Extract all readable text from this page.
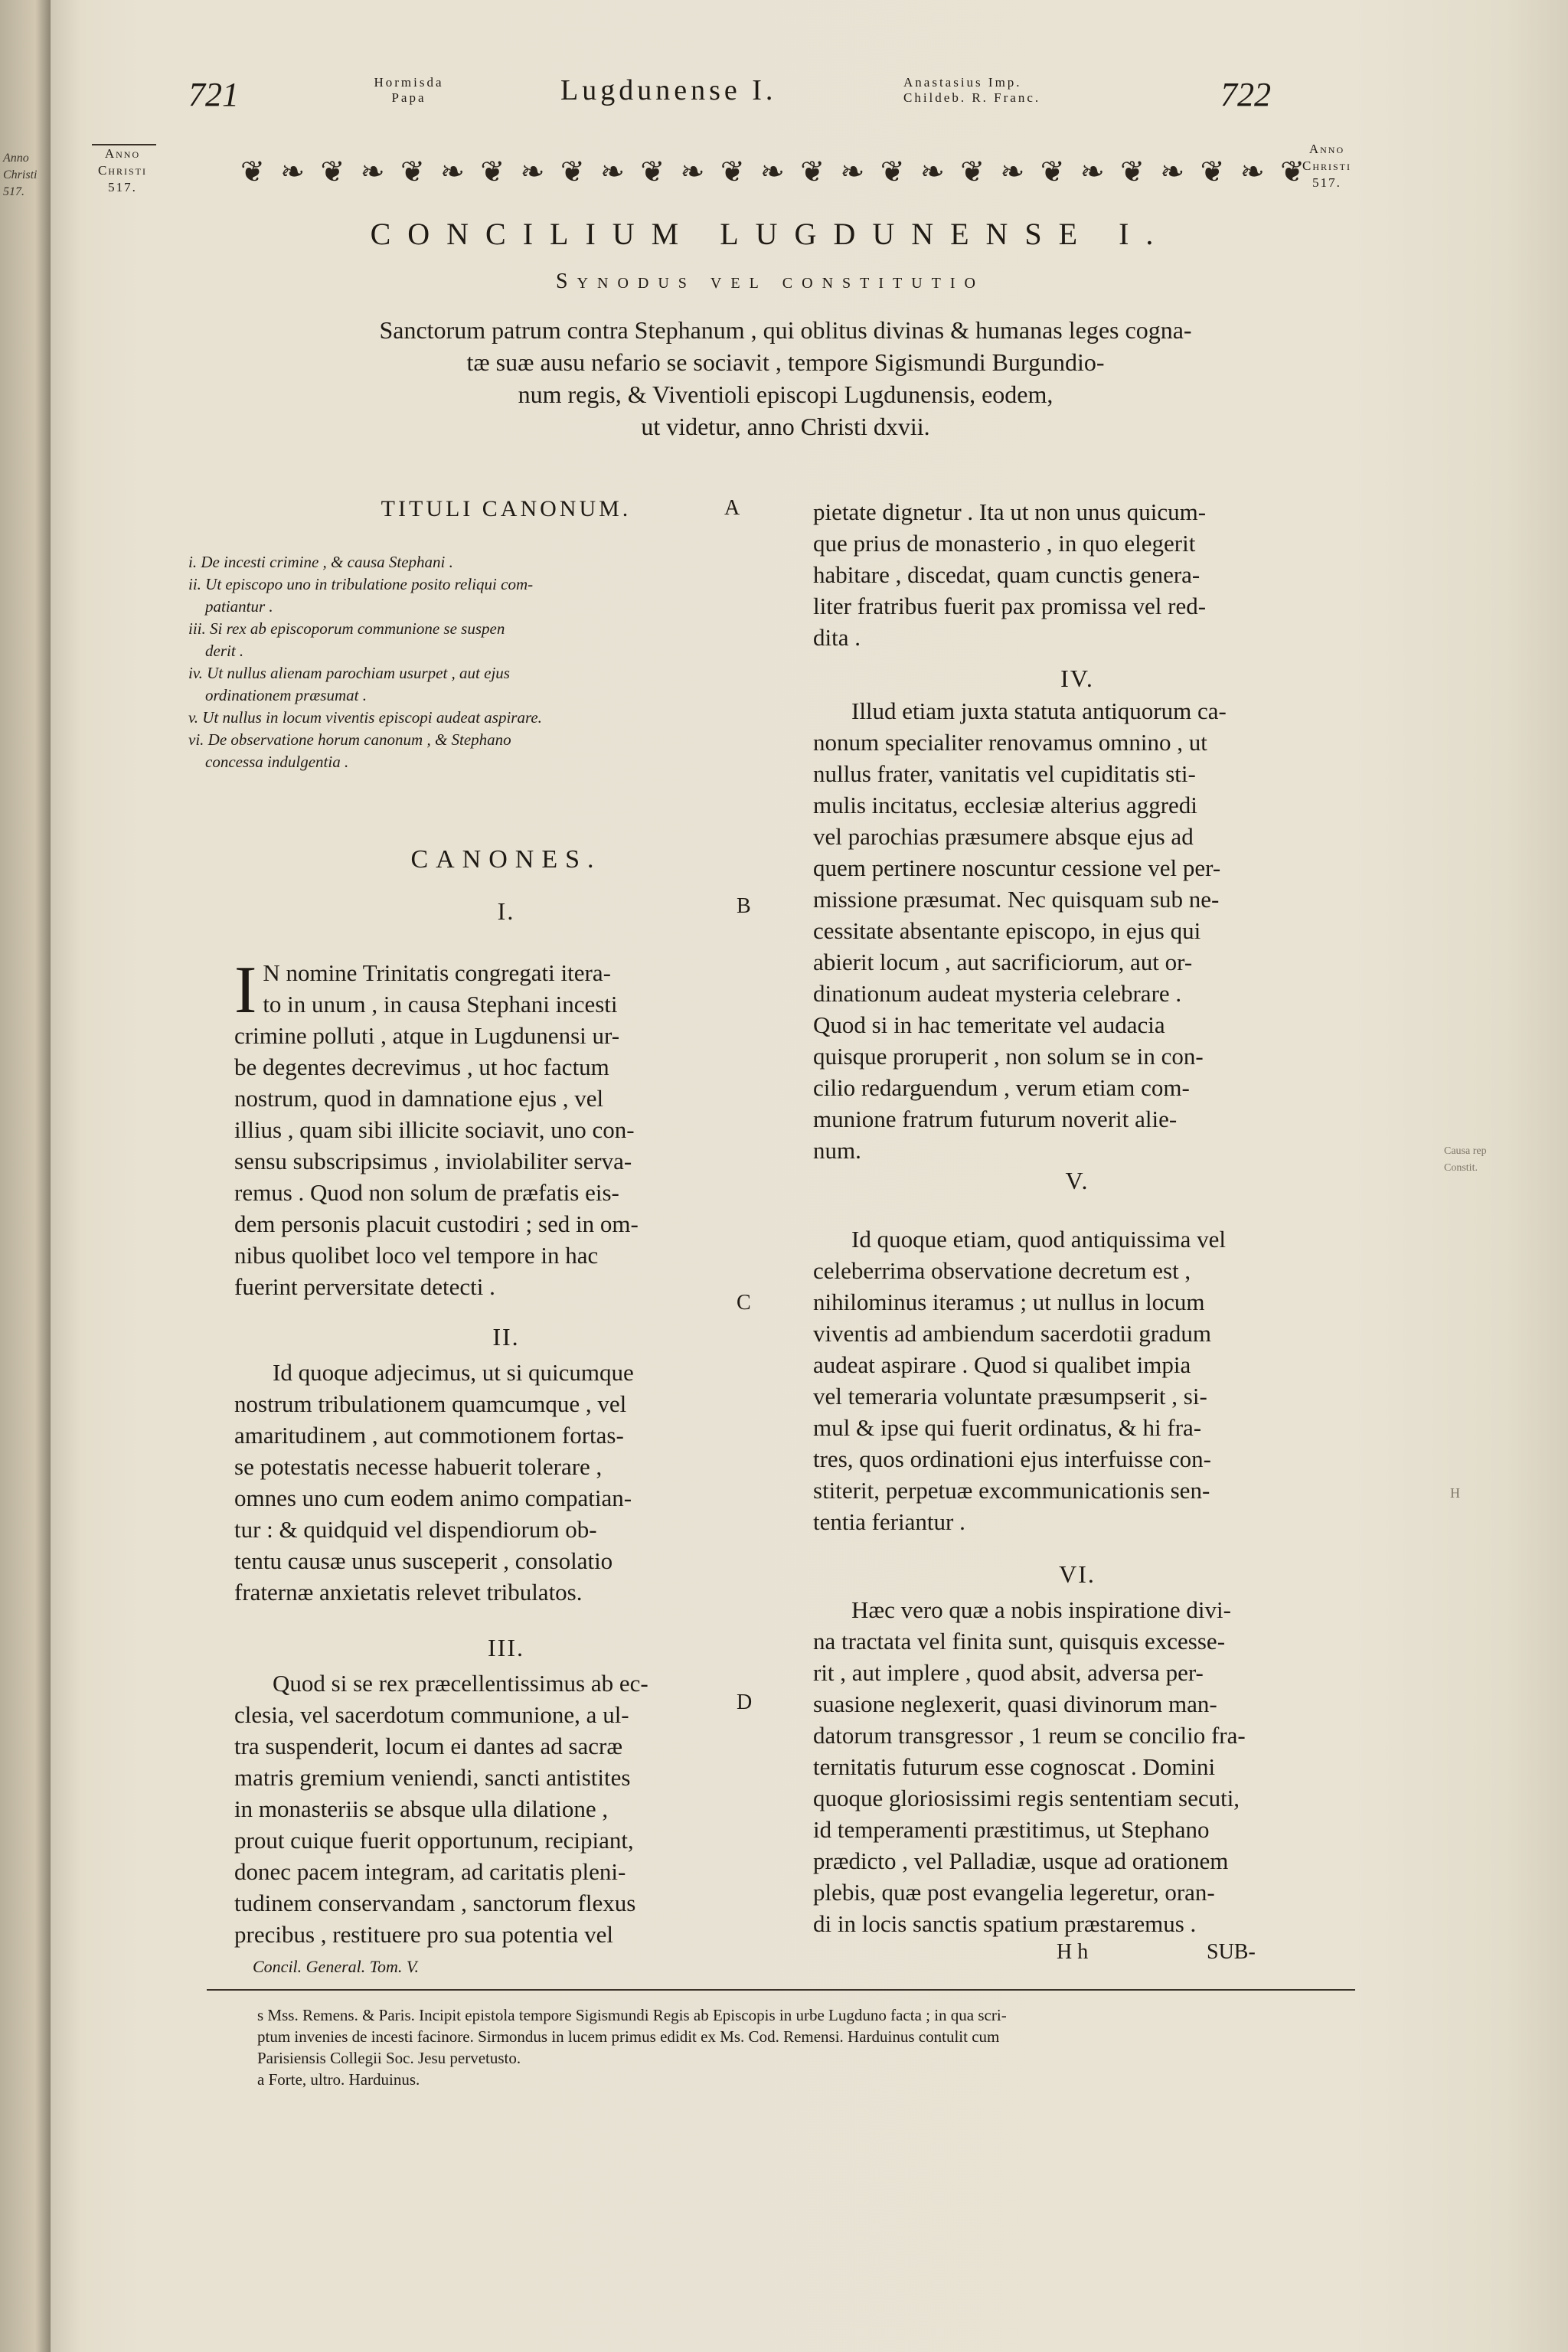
Anno
Christi
517.
721	Hormisda
Papa	Lugdunense I.	Anastasius Imp.
Childeb. R. Franc.	722
Anno
Christi
517.
Anno
Christi
517.
❦ ❧ ❦ ❧ ❦ ❧ ❦ ❧ ❦ ❧ ❦ ❧ ❦ ❧ ❦ ❧ ❦ ❧ ❦ ❧ ❦ ❧ ❦ ❧ ❦ ❧ ❦
CONCILIUM LUGDUNENSE I.
Synodus vel constitutio
Sanctorum patrum contra Stephanum , qui oblitus divinas & humanas leges cogna-
tæ suæ ausu nefario se sociavit , tempore Sigismundi Burgundio-
num regis, & Viventioli episcopi Lugdunensis, eodem,
ut videtur, anno Christi dxvii.
TITULI CANONUM.
i. De incesti crimine , & causa Stephani .
ii. Ut episcopo uno in tribulatione posito reliqui com-
patiantur .
iii. Si rex ab episcoporum communione se suspen
derit .
iv. Ut nullus alienam parochiam usurpet , aut ejus
ordinationem præsumat .
v. Ut nullus in locum viventis episcopi audeat aspirare.
vi. De observatione horum canonum , & Stephano
concessa indulgentia .
CANONES.
I.
I N nomine Trinitatis congregati itera-
to in unum , in causa Stephani incesti
crimine polluti , atque in Lugdunensi ur-
be degentes decrevimus , ut hoc factum
nostrum, quod in damnatione ejus , vel
illius , quam sibi illicite sociavit, uno con-
sensu subscripsimus , inviolabiliter serva-
remus . Quod non solum de præfatis eis-
dem personis placuit custodiri ; sed in om-
nibus quolibet loco vel tempore in hac
fuerint perversitate detecti .
II.
Id quoque adjecimus, ut si quicumque
nostrum tribulationem quamcumque , vel
amaritudinem , aut commotionem fortas-
se potestatis necesse habuerit tolerare ,
omnes uno cum eodem animo compatian-
tur : & quidquid vel dispendiorum ob-
tentu causæ unus susceperit , consolatio
fraternæ anxietatis relevet tribulatos.
III.
Quod si se rex præcellentissimus ab ec-
clesia, vel sacerdotum communione, a ul-
tra suspenderit, locum ei dantes ad sacræ
matris gremium veniendi, sancti antistites
in monasteriis se absque ulla dilatione ,
prout cuique fuerit opportunum, recipiant,
donec pacem integram, ad caritatis pleni-
tudinem conservandam , sanctorum flexus
precibus , restituere pro sua potentia vel
Concil. General. Tom. V.
A
B
C
D
pietate dignetur . Ita ut non unus quicum-
que prius de monasterio , in quo elegerit
habitare , discedat, quam cunctis genera-
liter fratribus fuerit pax promissa vel red-
dita .
IV.
Illud etiam juxta statuta antiquorum ca-
nonum specialiter renovamus omnino , ut
nullus frater, vanitatis vel cupiditatis sti-
mulis incitatus, ecclesiæ alterius aggredi
vel parochias præsumere absque ejus ad
quem pertinere noscuntur cessione vel per-
missione præsumat. Nec quisquam sub ne-
cessitate absentante episcopo, in ejus qui
abierit locum , aut sacrificiorum, aut or-
dinationum audeat mysteria celebrare .
Quod si in hac temeritate vel audacia
quisque proruperit , non solum se in con-
cilio redarguendum , verum etiam com-
munione fratrum futurum noverit alie-
num.
V.
Id quoque etiam, quod antiquissima vel
celeberrima observatione decretum est ,
nihilominus iteramus ; ut nullus in locum
viventis ad ambiendum sacerdotii gradum
audeat aspirare . Quod si qualibet impia
vel temeraria voluntate præsumpserit , si-
mul & ipse qui fuerit ordinatus, & hi fra-
tres, quos ordinationi ejus interfuisse con-
stiterit, perpetuæ excommunicationis sen-
tentia feriantur .
VI.
Hæc vero quæ a nobis inspiratione divi-
na tractata vel finita sunt, quisquis excesse-
rit , aut implere , quod absit, adversa per-
suasione neglexerit, quasi divinorum man-
datorum transgressor , 1 reum se concilio fra-
ternitatis futurum esse cognoscat . Domini
quoque gloriosissimi regis sententiam secuti,
id temperamenti præstitimus, ut Stephano
prædicto , vel Palladiæ, usque ad orationem
plebis, quæ post evangelia legeretur, oran-
di in locis sanctis spatium præstaremus .
H h	SUB-
s Mss. Remens. & Paris. Incipit epistola tempore Sigismundi Regis ab Episcopis in urbe Lugduno facta ; in qua scri-
ptum invenies de incesti facinore. Sirmondus in lucem primus edidit ex Ms. Cod. Remensi. Harduinus contulit cum
Parisiensis Collegii Soc. Jesu pervetusto.
a Forte, ultro. Harduinus.
Causa rep
Constit.
H
